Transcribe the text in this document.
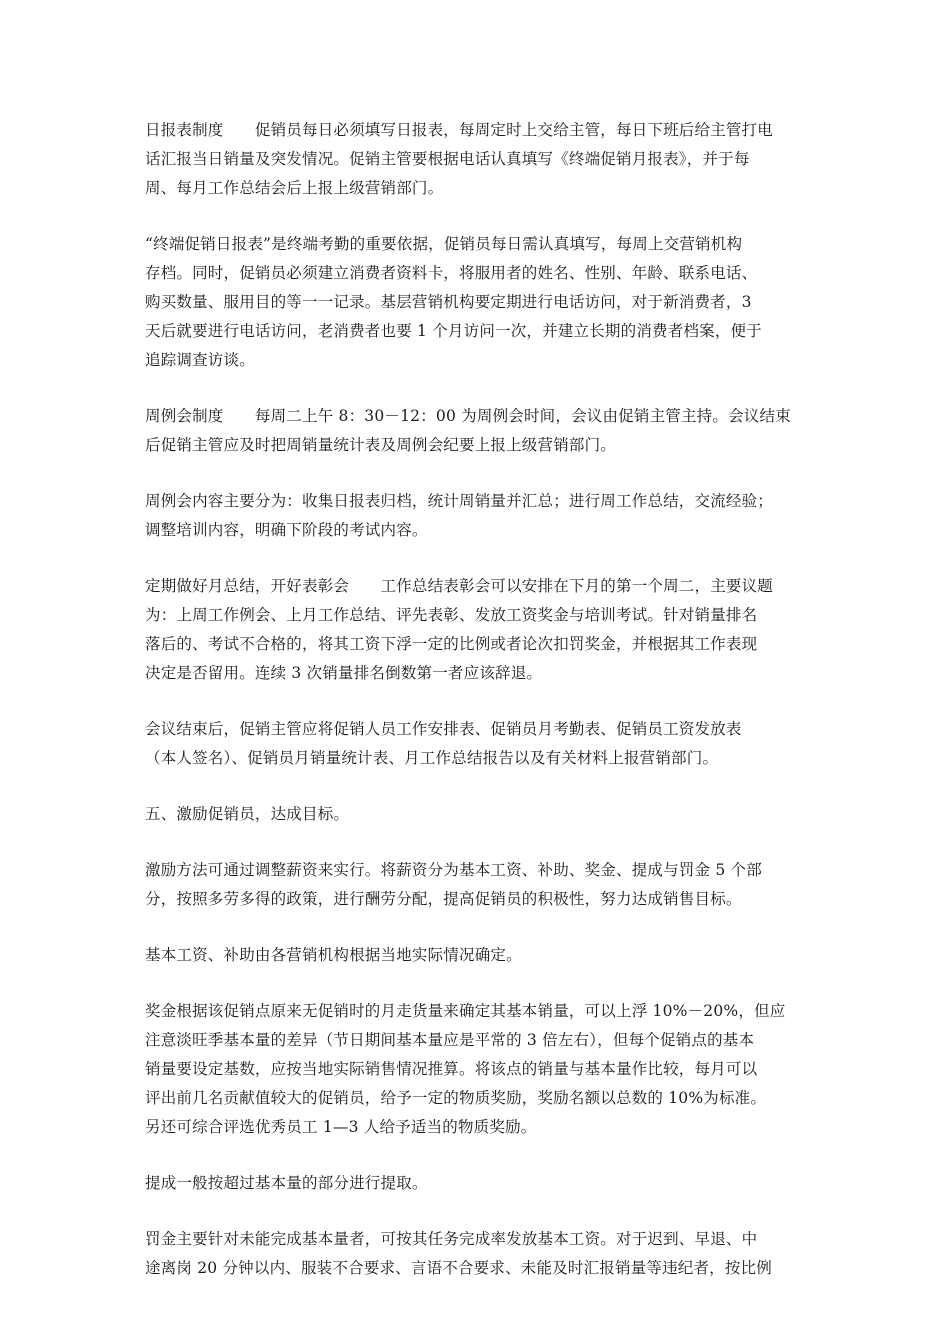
日报表制度　　促销员每日必须填写日报表，每周定时上交给主管，每日下班后给主管打电
话汇报当日销量及突发情况。促销主管要根据电话认真填写《终端促销月报表》，并于每
周、每月工作总结会后上报上级营销部门。

“终端促销日报表”是终端考勤的重要依据，促销员每日需认真填写，每周上交营销机构
存档。同时，促销员必须建立消费者资料卡，将服用者的姓名、性别、年龄、联系电话、
购买数量、服用目的等一一记录。基层营销机构要定期进行电话访问，对于新消费者，3
天后就要进行电话访问，老消费者也要 1 个月访问一次，并建立长期的消费者档案，便于
追踪调查访谈。

周例会制度　　每周二上午 8：30－12：00 为周例会时间，会议由促销主管主持。会议结束
后促销主管应及时把周销量统计表及周例会纪要上报上级营销部门。

周例会内容主要分为：收集日报表归档，统计周销量并汇总；进行周工作总结，交流经验；
调整培训内容，明确下阶段的考试内容。

定期做好月总结，开好表彰会　　工作总结表彰会可以安排在下月的第一个周二，主要议题
为：上周工作例会、上月工作总结、评先表彰、发放工资奖金与培训考试。针对销量排名
落后的、考试不合格的，将其工资下浮一定的比例或者论次扣罚奖金，并根据其工作表现
决定是否留用。连续 3 次销量排名倒数第一者应该辞退。

会议结束后，促销主管应将促销人员工作安排表、促销员月考勤表、促销员工资发放表
（本人签名）、促销员月销量统计表、月工作总结报告以及有关材料上报营销部门。

五、激励促销员，达成目标。

激励方法可通过调整薪资来实行。将薪资分为基本工资、补助、奖金、提成与罚金 5 个部
分，按照多劳多得的政策，进行酬劳分配，提高促销员的积极性，努力达成销售目标。

基本工资、补助由各营销机构根据当地实际情况确定。

奖金根据该促销点原来无促销时的月走货量来确定其基本销量，可以上浮 10%－20%，但应
注意淡旺季基本量的差异（节日期间基本量应是平常的 3 倍左右），但每个促销点的基本
销量要设定基数，应按当地实际销售情况推算。将该点的销量与基本量作比较，每月可以
评出前几名贡献值较大的促销员，给予一定的物质奖励，奖励名额以总数的 10%为标准。
另还可综合评选优秀员工 1—3 人给予适当的物质奖励。

提成一般按超过基本量的部分进行提取。

罚金主要针对未能完成基本量者，可按其任务完成率发放基本工资。对于迟到、早退、中
途离岗 20 分钟以内、服装不合要求、言语不合要求、未能及时汇报销量等违纪者，按比例
